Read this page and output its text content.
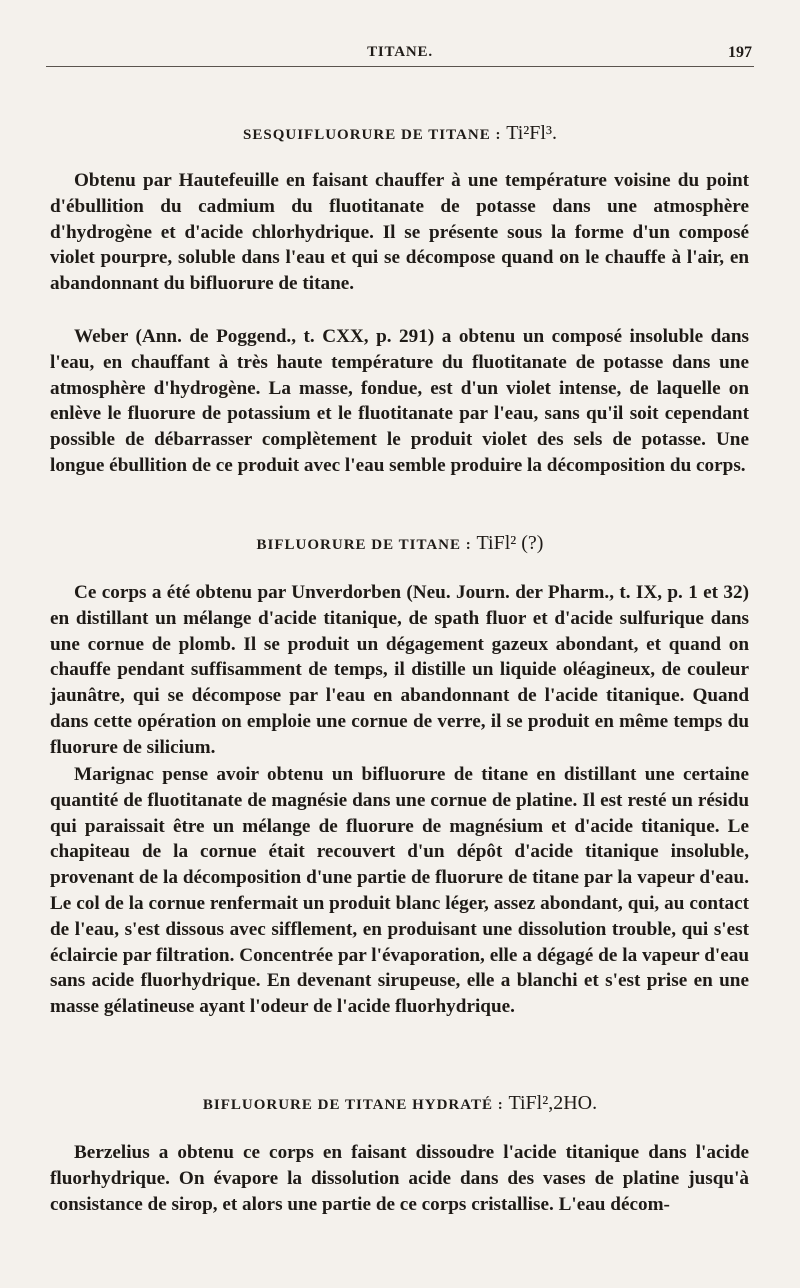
TITANE.	197
SESQUIFLUORURE DE TITANE : Ti²Fl³.

Obtenu par Hautefeuille en faisant chauffer à une température voisine du point d'ébullition du cadmium du fluotitanate de potasse dans une atmosphère d'hydrogène et d'acide chlorhydrique. Il se présente sous la forme d'un composé violet pourpre, soluble dans l'eau et qui se décompose quand on le chauffe à l'air, en abandonnant du bifluorure de titane.

Weber (Ann. de Poggend., t. CXX, p. 291) a obtenu un composé insoluble dans l'eau, en chauffant à très haute température du fluotitanate de potasse dans une atmosphère d'hydrogène. La masse, fondue, est d'un violet intense, de laquelle on enlève le fluorure de potassium et le fluotitanate par l'eau, sans qu'il soit cependant possible de débarrasser complètement le produit violet des sels de potasse. Une longue ébullition de ce produit avec l'eau semble produire la décomposition du corps.

BIFLUORURE DE TITANE : TiFl² (?)

Ce corps a été obtenu par Unverdorben (Neu. Journ. der Pharm., t. IX, p. 1 et 32) en distillant un mélange d'acide titanique, de spath fluor et d'acide sulfurique dans une cornue de plomb. Il se produit un dégagement gazeux abondant, et quand on chauffe pendant suffisamment de temps, il distille un liquide oléagineux, de couleur jaunâtre, qui se décompose par l'eau en abandonnant de l'acide titanique. Quand dans cette opération on emploie une cornue de verre, il se produit en même temps du fluorure de silicium.

Marignac pense avoir obtenu un bifluorure de titane en distillant une certaine quantité de fluotitanate de magnésie dans une cornue de platine. Il est resté un résidu qui paraissait être un mélange de fluorure de magnésium et d'acide titanique. Le chapiteau de la cornue était recouvert d'un dépôt d'acide titanique insoluble, provenant de la décomposition d'une partie de fluorure de titane par la vapeur d'eau. Le col de la cornue renfermait un produit blanc léger, assez abondant, qui, au contact de l'eau, s'est dissous avec sifflement, en produisant une dissolution trouble, qui s'est éclaircie par filtration. Concentrée par l'évaporation, elle a dégagé de la vapeur d'eau sans acide fluorhydrique. En devenant sirupeuse, elle a blanchi et s'est prise en une masse gélatineuse ayant l'odeur de l'acide fluorhydrique.

BIFLUORURE DE TITANE HYDRATÉ : TiFl²,2HO.

Berzelius a obtenu ce corps en faisant dissoudre l'acide titanique dans l'acide fluorhydrique. On évapore la dissolution acide dans des vases de platine jusqu'à consistance de sirop, et alors une partie de ce corps cristallise. L'eau décom-
